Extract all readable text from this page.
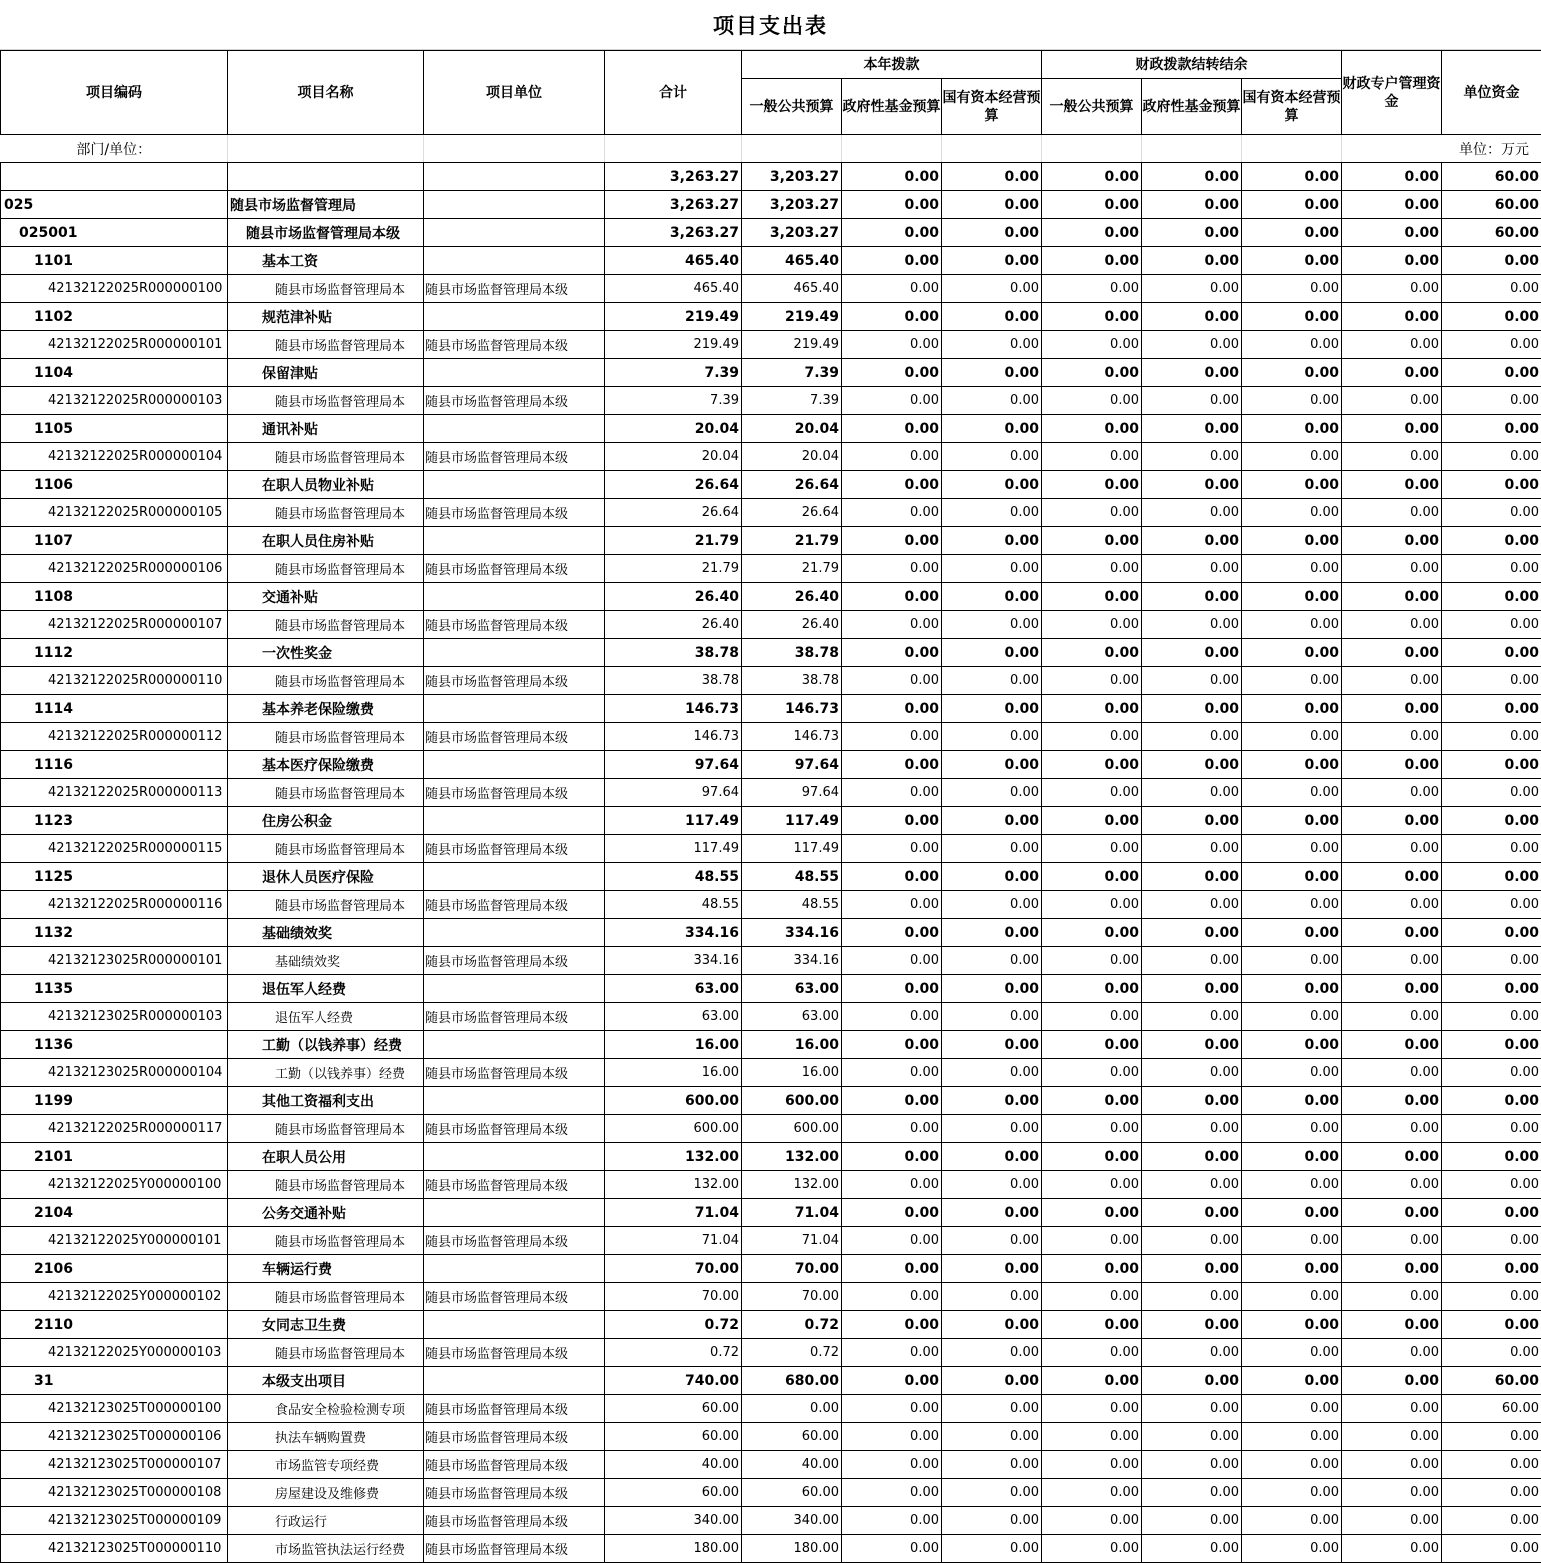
项目支出表
部门/单位：										单位：万元	
项目编码	项目名称	项目单位	合计	本年拨款			财政拨款结转结余			财政专户管理资金	单位资金
				一般公共预算	政府性基金预算	国有资本经营预算	一般公共预算	政府性基金预算	国有资本经营预算		
			3,263.27	3,203.27	0.00	0.00	0.00	0.00	0.00	0.00	60.00
025	随县市场监督管理局		3,263.27	3,203.27	0.00	0.00	0.00	0.00	0.00	0.00	60.00
025001	随县市场监督管理局本级		3,263.27	3,203.27	0.00	0.00	0.00	0.00	0.00	0.00	60.00
1101	基本工资		465.40	465.40	0.00	0.00	0.00	0.00	0.00	0.00	0.00
42132122025R000000100	随县市场监督管理局本	随县市场监督管理局本级	465.40	465.40	0.00	0.00	0.00	0.00	0.00	0.00	0.00
1102	规范津补贴		219.49	219.49	0.00	0.00	0.00	0.00	0.00	0.00	0.00
42132122025R000000101	随县市场监督管理局本	随县市场监督管理局本级	219.49	219.49	0.00	0.00	0.00	0.00	0.00	0.00	0.00
1104	保留津贴		7.39	7.39	0.00	0.00	0.00	0.00	0.00	0.00	0.00
42132122025R000000103	随县市场监督管理局本	随县市场监督管理局本级	7.39	7.39	0.00	0.00	0.00	0.00	0.00	0.00	0.00
1105	通讯补贴		20.04	20.04	0.00	0.00	0.00	0.00	0.00	0.00	0.00
42132122025R000000104	随县市场监督管理局本	随县市场监督管理局本级	20.04	20.04	0.00	0.00	0.00	0.00	0.00	0.00	0.00
1106	在职人员物业补贴		26.64	26.64	0.00	0.00	0.00	0.00	0.00	0.00	0.00
42132122025R000000105	随县市场监督管理局本	随县市场监督管理局本级	26.64	26.64	0.00	0.00	0.00	0.00	0.00	0.00	0.00
1107	在职人员住房补贴		21.79	21.79	0.00	0.00	0.00	0.00	0.00	0.00	0.00
42132122025R000000106	随县市场监督管理局本	随县市场监督管理局本级	21.79	21.79	0.00	0.00	0.00	0.00	0.00	0.00	0.00
1108	交通补贴		26.40	26.40	0.00	0.00	0.00	0.00	0.00	0.00	0.00
42132122025R000000107	随县市场监督管理局本	随县市场监督管理局本级	26.40	26.40	0.00	0.00	0.00	0.00	0.00	0.00	0.00
1112	一次性奖金		38.78	38.78	0.00	0.00	0.00	0.00	0.00	0.00	0.00
42132122025R000000110	随县市场监督管理局本	随县市场监督管理局本级	38.78	38.78	0.00	0.00	0.00	0.00	0.00	0.00	0.00
1114	基本养老保险缴费		146.73	146.73	0.00	0.00	0.00	0.00	0.00	0.00	0.00
42132122025R000000112	随县市场监督管理局本	随县市场监督管理局本级	146.73	146.73	0.00	0.00	0.00	0.00	0.00	0.00	0.00
1116	基本医疗保险缴费		97.64	97.64	0.00	0.00	0.00	0.00	0.00	0.00	0.00
42132122025R000000113	随县市场监督管理局本	随县市场监督管理局本级	97.64	97.64	0.00	0.00	0.00	0.00	0.00	0.00	0.00
1123	住房公积金		117.49	117.49	0.00	0.00	0.00	0.00	0.00	0.00	0.00
42132122025R000000115	随县市场监督管理局本	随县市场监督管理局本级	117.49	117.49	0.00	0.00	0.00	0.00	0.00	0.00	0.00
1125	退休人员医疗保险		48.55	48.55	0.00	0.00	0.00	0.00	0.00	0.00	0.00
42132122025R000000116	随县市场监督管理局本	随县市场监督管理局本级	48.55	48.55	0.00	0.00	0.00	0.00	0.00	0.00	0.00
1132	基础绩效奖		334.16	334.16	0.00	0.00	0.00	0.00	0.00	0.00	0.00
42132123025R000000101	基础绩效奖	随县市场监督管理局本级	334.16	334.16	0.00	0.00	0.00	0.00	0.00	0.00	0.00
1135	退伍军人经费		63.00	63.00	0.00	0.00	0.00	0.00	0.00	0.00	0.00
42132123025R000000103	退伍军人经费	随县市场监督管理局本级	63.00	63.00	0.00	0.00	0.00	0.00	0.00	0.00	0.00
1136	工勤（以钱养事）经费		16.00	16.00	0.00	0.00	0.00	0.00	0.00	0.00	0.00
42132123025R000000104	工勤（以钱养事）经费	随县市场监督管理局本级	16.00	16.00	0.00	0.00	0.00	0.00	0.00	0.00	0.00
1199	其他工资福利支出		600.00	600.00	0.00	0.00	0.00	0.00	0.00	0.00	0.00
42132122025R000000117	随县市场监督管理局本	随县市场监督管理局本级	600.00	600.00	0.00	0.00	0.00	0.00	0.00	0.00	0.00
2101	在职人员公用		132.00	132.00	0.00	0.00	0.00	0.00	0.00	0.00	0.00
42132122025Y000000100	随县市场监督管理局本	随县市场监督管理局本级	132.00	132.00	0.00	0.00	0.00	0.00	0.00	0.00	0.00
2104	公务交通补贴		71.04	71.04	0.00	0.00	0.00	0.00	0.00	0.00	0.00
42132122025Y000000101	随县市场监督管理局本	随县市场监督管理局本级	71.04	71.04	0.00	0.00	0.00	0.00	0.00	0.00	0.00
2106	车辆运行费		70.00	70.00	0.00	0.00	0.00	0.00	0.00	0.00	0.00
42132122025Y000000102	随县市场监督管理局本	随县市场监督管理局本级	70.00	70.00	0.00	0.00	0.00	0.00	0.00	0.00	0.00
2110	女同志卫生费		0.72	0.72	0.00	0.00	0.00	0.00	0.00	0.00	0.00
42132122025Y000000103	随县市场监督管理局本	随县市场监督管理局本级	0.72	0.72	0.00	0.00	0.00	0.00	0.00	0.00	0.00
31	本级支出项目		740.00	680.00	0.00	0.00	0.00	0.00	0.00	0.00	60.00
42132123025T000000100	食品安全检验检测专项	随县市场监督管理局本级	60.00	0.00	0.00	0.00	0.00	0.00	0.00	0.00	60.00
42132123025T000000106	执法车辆购置费	随县市场监督管理局本级	60.00	60.00	0.00	0.00	0.00	0.00	0.00	0.00	0.00
42132123025T000000107	市场监管专项经费	随县市场监督管理局本级	40.00	40.00	0.00	0.00	0.00	0.00	0.00	0.00	0.00
42132123025T000000108	房屋建设及维修费	随县市场监督管理局本级	60.00	60.00	0.00	0.00	0.00	0.00	0.00	0.00	0.00
42132123025T000000109	行政运行	随县市场监督管理局本级	340.00	340.00	0.00	0.00	0.00	0.00	0.00	0.00	0.00
42132123025T000000110	市场监管执法运行经费	随县市场监督管理局本级	180.00	180.00	0.00	0.00	0.00	0.00	0.00	0.00	0.00
